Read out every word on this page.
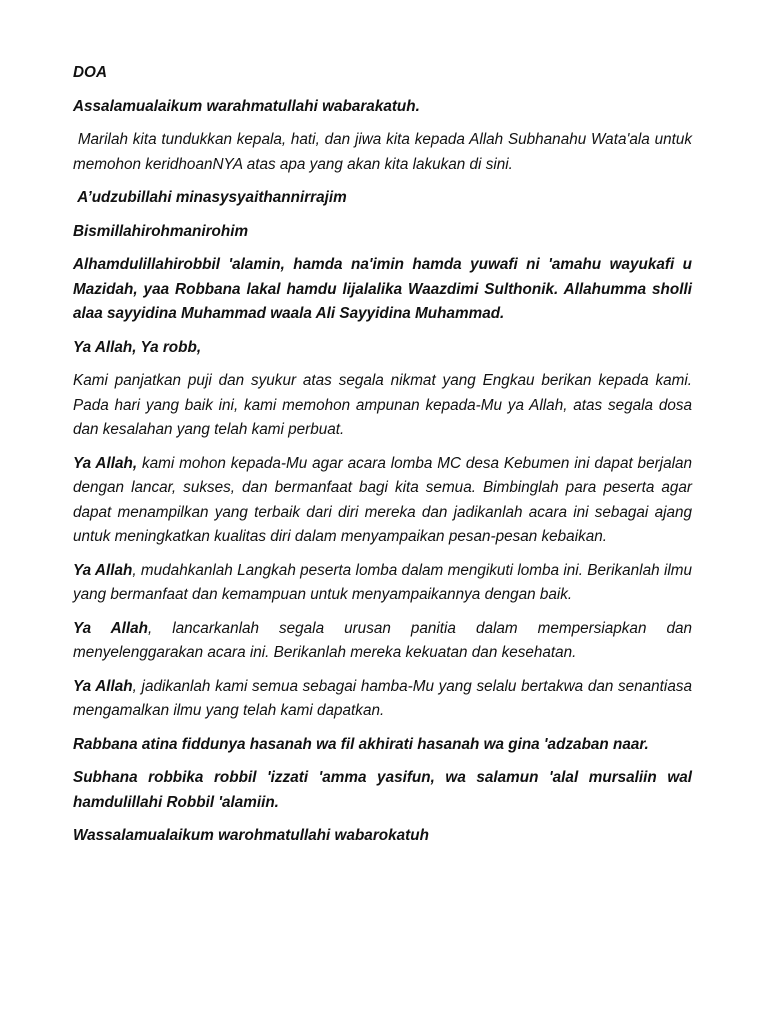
DOA
Assalamualaikum warahmatullahi wabarakatuh.
Marilah kita tundukkan kepala, hati, dan jiwa kita kepada Allah Subhanahu Wata'ala untuk memohon keridhoanNYA atas apa yang akan kita lakukan di sini.
A’udzubillahi minasysyaithannirrajim
Bismillahirohmanirohim
Alhamdulillahirobbil 'alamin, hamda na'imin hamda yuwafi ni 'amahu wayukafi u Mazidah, yaa Robbana lakal hamdu lijalalika Waazdimi Sulthonik. Allahumma sholli alaa sayyidina Muhammad waala Ali Sayyidina Muhammad.
Ya Allah, Ya robb,
Kami panjatkan puji dan syukur atas segala nikmat yang Engkau berikan kepada kami. Pada hari yang baik ini, kami memohon ampunan kepada-Mu ya Allah, atas segala dosa dan kesalahan yang telah kami perbuat.
Ya Allah, kami mohon kepada-Mu agar acara lomba MC desa Kebumen ini dapat berjalan dengan lancar, sukses, dan bermanfaat bagi kita semua. Bimbinglah para peserta agar dapat menampilkan yang terbaik dari diri mereka dan jadikanlah acara ini sebagai ajang untuk meningkatkan kualitas diri dalam menyampaikan pesan-pesan kebaikan.
Ya Allah, mudahkanlah Langkah peserta lomba dalam mengikuti lomba ini. Berikanlah ilmu yang bermanfaat dan kemampuan untuk menyampaikannya dengan baik.
Ya Allah, lancarkanlah segala urusan panitia dalam mempersiapkan dan menyelenggarakan acara ini. Berikanlah mereka kekuatan dan kesehatan.
Ya Allah, jadikanlah kami semua sebagai hamba-Mu yang selalu bertakwa dan senantiasa mengamalkan ilmu yang telah kami dapatkan.
Rabbana atina fiddunya hasanah wa fil akhirati hasanah wa gina 'adzaban naar.
Subhana robbika robbil 'izzati 'amma yasifun, wa salamun 'alal mursaliin wal hamdulillahi Robbil 'alamiin.
Wassalamualaikum warohmatullahi wabarokatuh
